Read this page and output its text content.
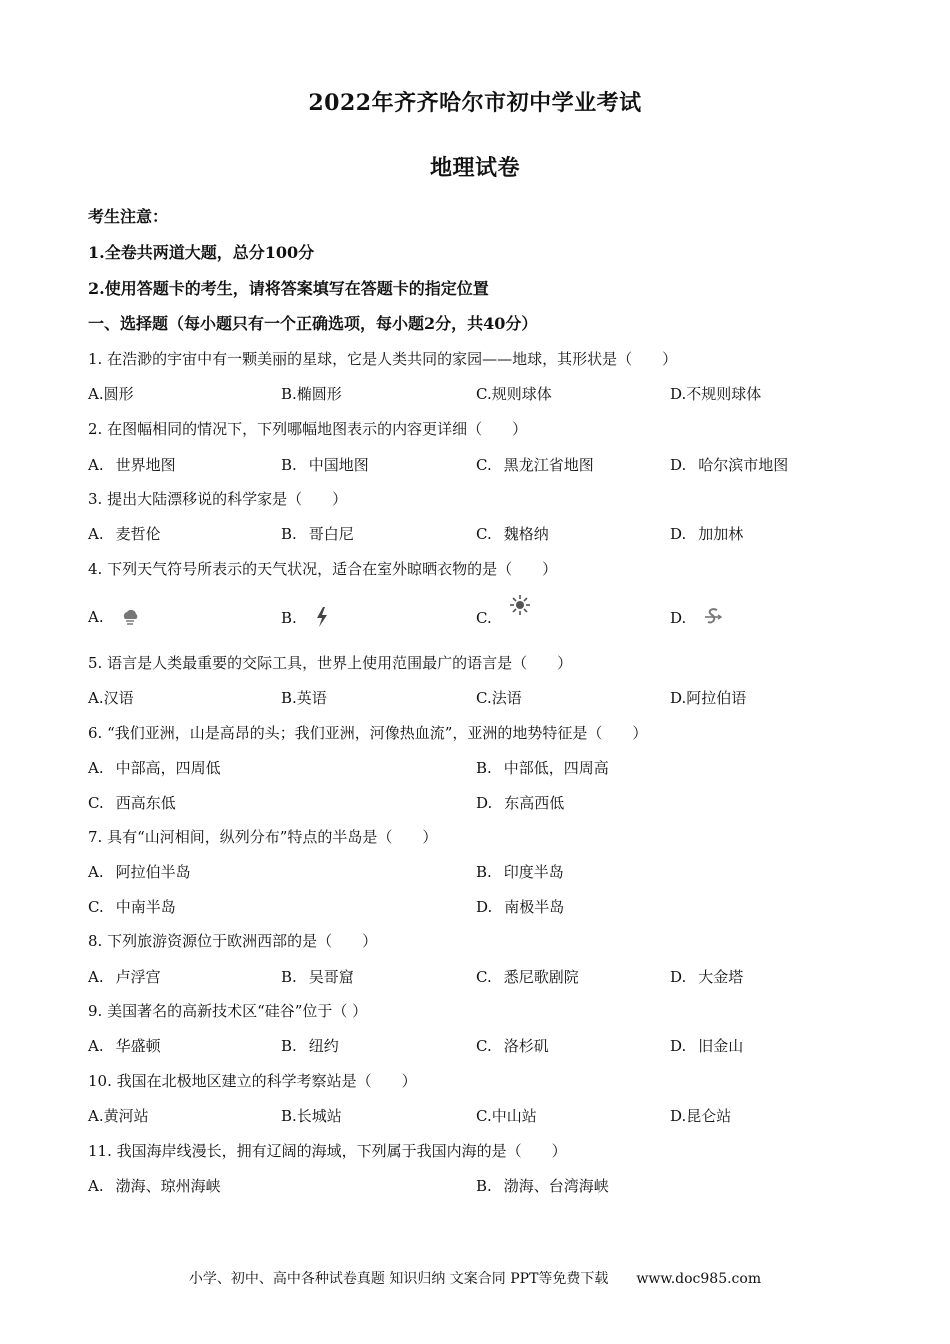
2022年齐齐哈尔市初中学业考试
地理试卷
考生注意：
1.全卷共两道大题，总分100分
2.使用答题卡的考生，请将答案填写在答题卡的指定位置
一、选择题（每小题只有一个正确选项，每小题2分，共40分）
1. 在浩渺的宇宙中有一颗美丽的星球，它是人类共同的家园——地球，其形状是（　　）
A.圆形	B.椭圆形	C.规则球体	D.不规则球体
2. 在图幅相同的情况下，下列哪幅地图表示的内容更详细（　　）
A. 世界地图	B. 中国地图	C. 黑龙江省地图	D. 哈尔滨市地图
3. 提出大陆漂移说的科学家是（　　）
A. 麦哲伦	B. 哥白尼	C. 魏格纳	D. 加加林
4. 下列天气符号所表示的天气状况，适合在室外晾晒衣物的是（　　）
A.	B.	C.	D.
5. 语言是人类最重要的交际工具，世界上使用范围最广的语言是（　　）
A.汉语	B.英语	C.法语	D.阿拉伯语
6. “我们亚洲，山是高昂的头；我们亚洲，河像热血流”，亚洲的地势特征是（　　）
A. 中部高，四周低	B. 中部低，四周高
C. 西高东低	D. 东高西低
7. 具有“山河相间，纵列分布”特点的半岛是（　　）
A. 阿拉伯半岛	B. 印度半岛
C. 中南半岛	D. 南极半岛
8. 下列旅游资源位于欧洲西部的是（　　）
A. 卢浮宫	B. 吴哥窟	C. 悉尼歌剧院	D. 大金塔
9. 美国著名的高新技术区“硅谷”位于（ ）
A. 华盛顿	B. 纽约	C. 洛杉矶	D. 旧金山
10. 我国在北极地区建立的科学考察站是（　　）
A.黄河站	B.长城站	C.中山站	D.昆仑站
11. 我国海岸线漫长，拥有辽阔的海域，下列属于我国内海的是（　　）
A. 渤海、琼州海峡	B. 渤海、台湾海峡
小学、初中、高中各种试卷真题 知识归纳 文案合同 PPT等免费下载　　www.doc985.com
